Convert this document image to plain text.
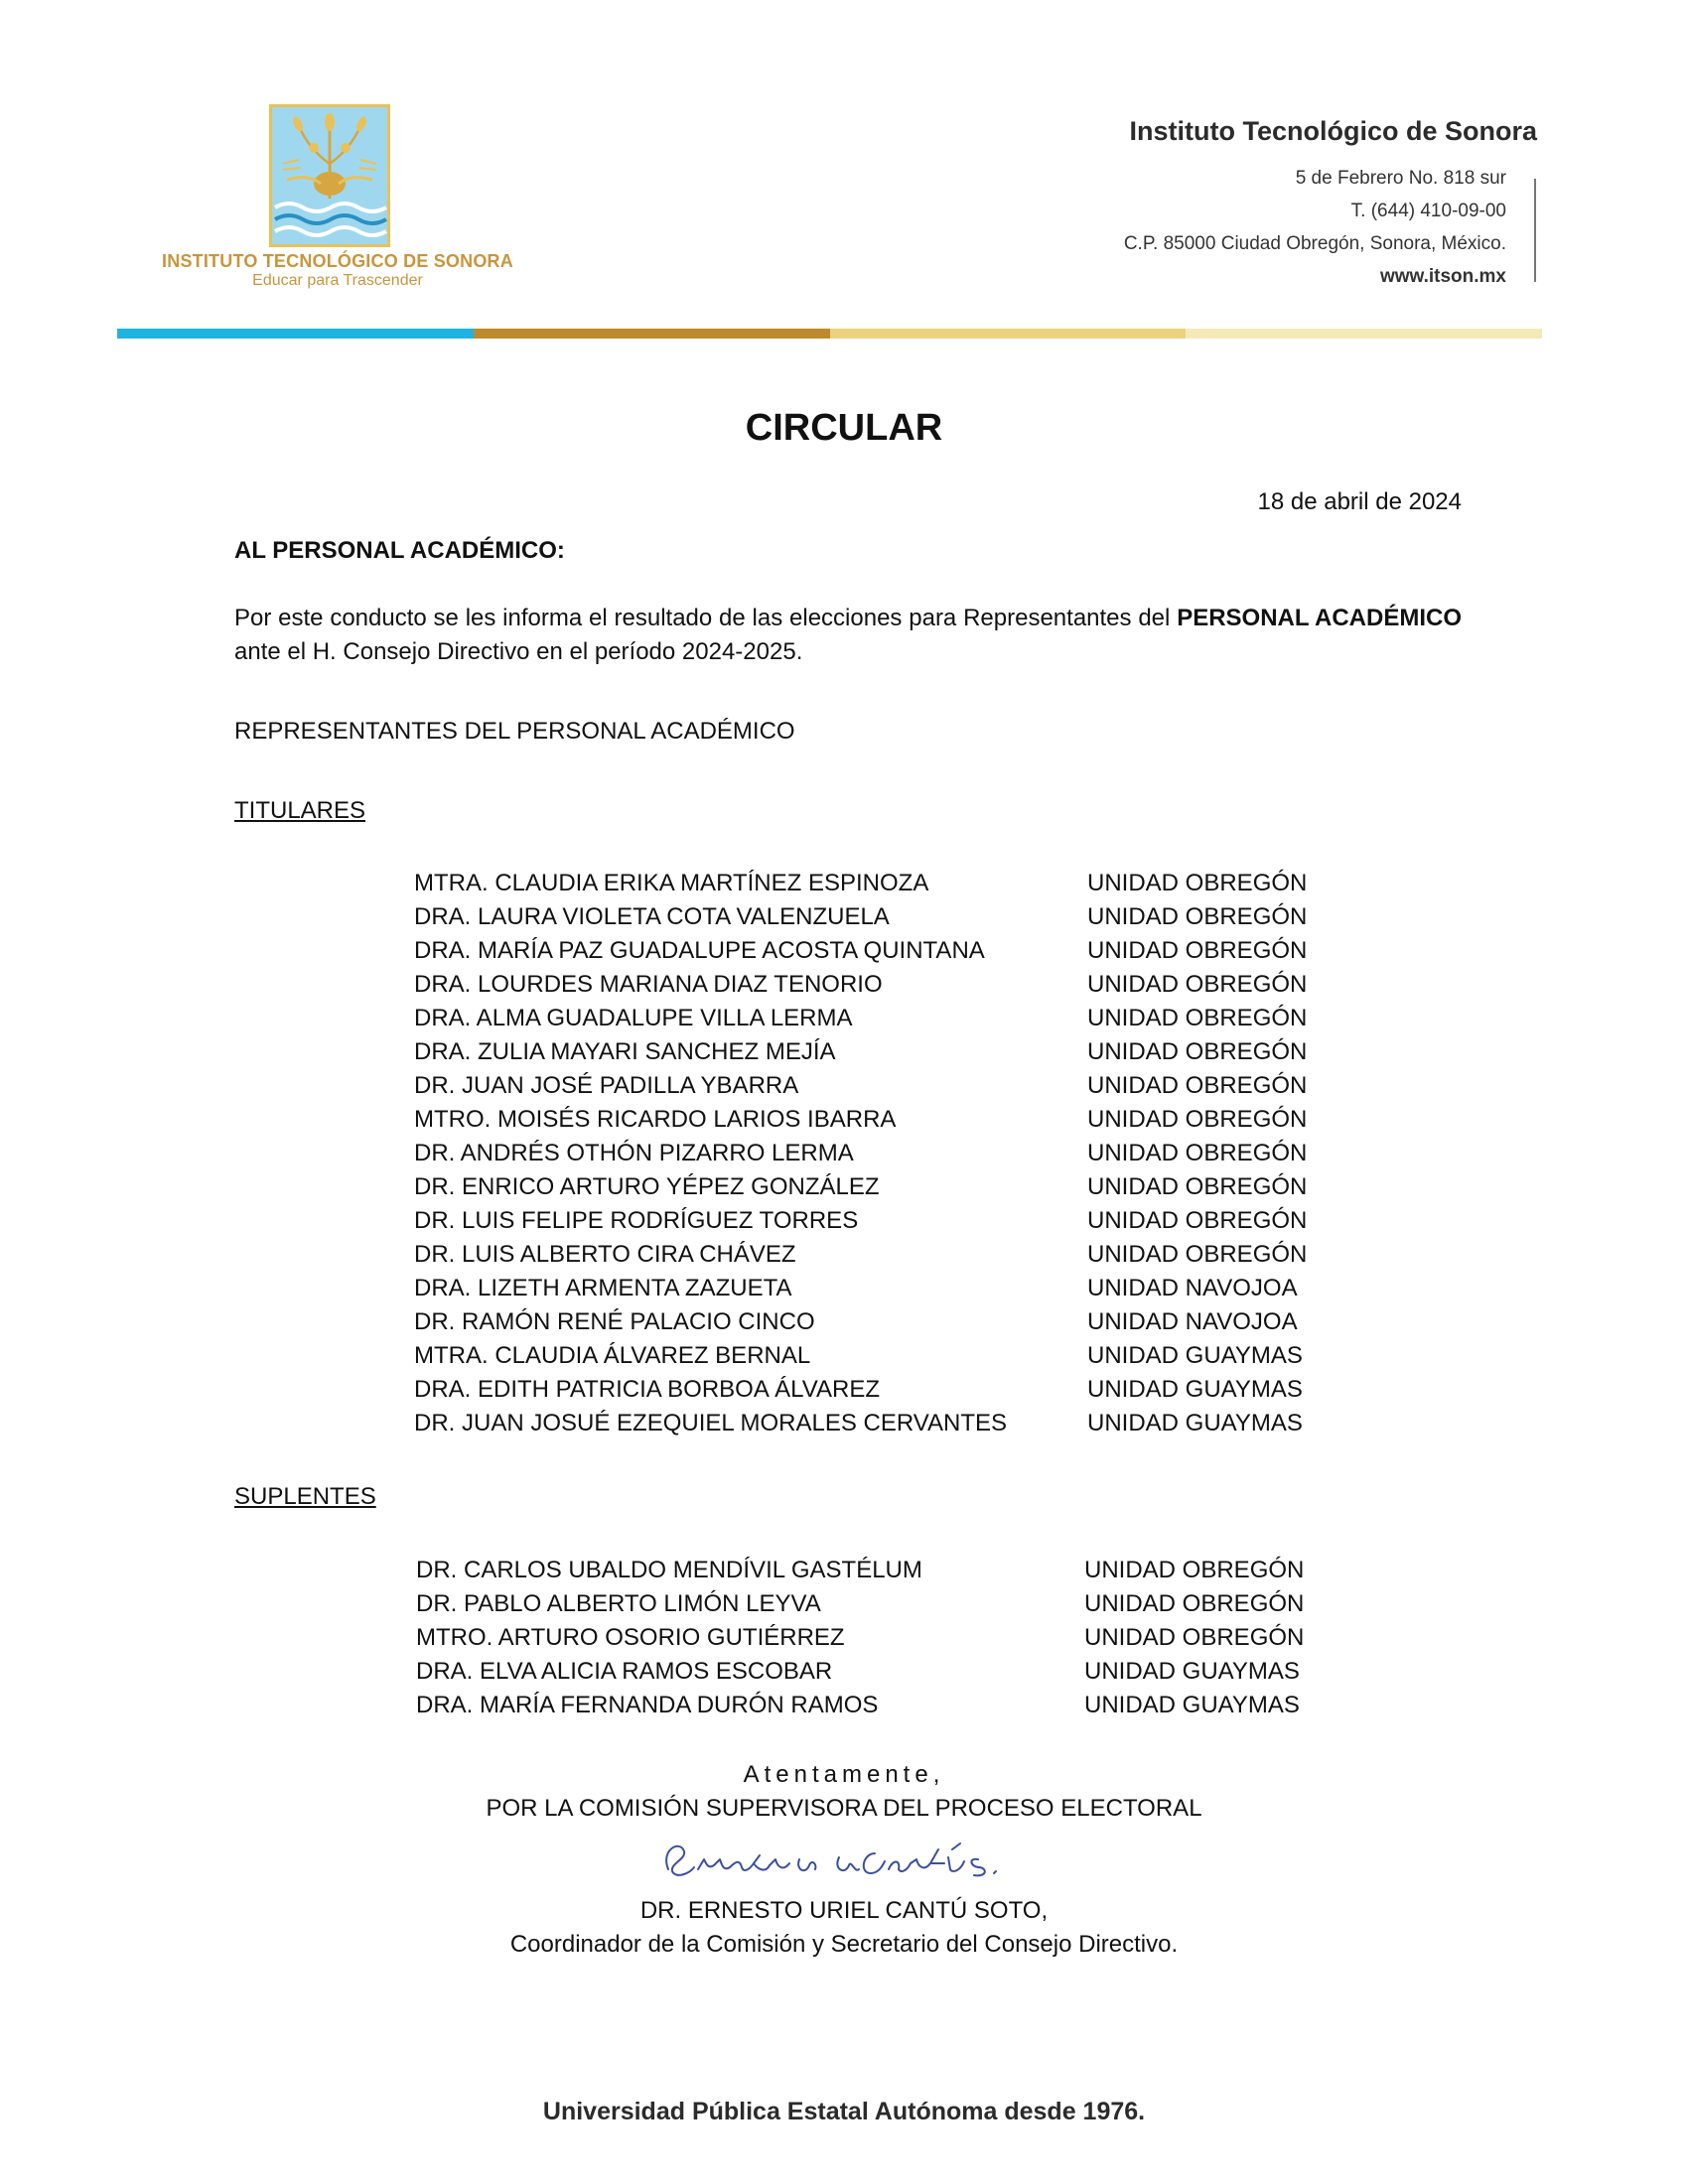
INSTITUTO TECNOLÓGICO DE SONORA
Educar para Trascender
Instituto Tecnológico de Sonora
5 de Febrero No. 818 sur
T. (644) 410-09-00
C.P. 85000 Ciudad Obregón, Sonora, México.
www.itson.mx
CIRCULAR
18 de abril de 2024
AL PERSONAL ACADÉMICO:
Por este conducto se les informa el resultado de las elecciones para Representantes del PERSONAL ACADÉMICO ante el H. Consejo Directivo en el período 2024-2025.
REPRESENTANTES DEL PERSONAL ACADÉMICO
TITULARES
MTRA. CLAUDIA ERIKA MARTÍNEZ ESPINOZA	UNIDAD OBREGÓN
DRA. LAURA VIOLETA COTA VALENZUELA	UNIDAD OBREGÓN
DRA. MARÍA PAZ GUADALUPE ACOSTA QUINTANA	UNIDAD OBREGÓN
DRA. LOURDES MARIANA DIAZ TENORIO	UNIDAD OBREGÓN
DRA. ALMA GUADALUPE VILLA LERMA	UNIDAD OBREGÓN
DRA. ZULIA MAYARI SANCHEZ MEJÍA	UNIDAD OBREGÓN
DR. JUAN JOSÉ PADILLA YBARRA	UNIDAD OBREGÓN
MTRO. MOISÉS RICARDO LARIOS IBARRA	UNIDAD OBREGÓN
DR. ANDRÉS OTHÓN PIZARRO LERMA	UNIDAD OBREGÓN
DR. ENRICO ARTURO YÉPEZ GONZÁLEZ	UNIDAD OBREGÓN
DR. LUIS FELIPE RODRÍGUEZ TORRES	UNIDAD OBREGÓN
DR. LUIS ALBERTO CIRA CHÁVEZ	UNIDAD OBREGÓN
DRA. LIZETH ARMENTA ZAZUETA	UNIDAD NAVOJOA
DR. RAMÓN RENÉ PALACIO CINCO	UNIDAD NAVOJOA
MTRA. CLAUDIA ÁLVAREZ BERNAL	UNIDAD GUAYMAS
DRA. EDITH PATRICIA BORBOA ÁLVAREZ	UNIDAD GUAYMAS
DR. JUAN JOSUÉ EZEQUIEL MORALES CERVANTES	UNIDAD GUAYMAS
SUPLENTES
DR. CARLOS UBALDO MENDÍVIL GASTÉLUM	UNIDAD OBREGÓN
DR. PABLO ALBERTO LIMÓN LEYVA	UNIDAD OBREGÓN
MTRO. ARTURO OSORIO GUTIÉRREZ	UNIDAD OBREGÓN
DRA. ELVA ALICIA RAMOS ESCOBAR	UNIDAD GUAYMAS
DRA. MARÍA FERNANDA DURÓN RAMOS	UNIDAD GUAYMAS
Atentamente,
POR LA COMISIÓN SUPERVISORA DEL PROCESO ELECTORAL
DR. ERNESTO URIEL CANTÚ SOTO,
Coordinador de la Comisión y Secretario del Consejo Directivo.
Universidad Pública Estatal Autónoma desde 1976.
